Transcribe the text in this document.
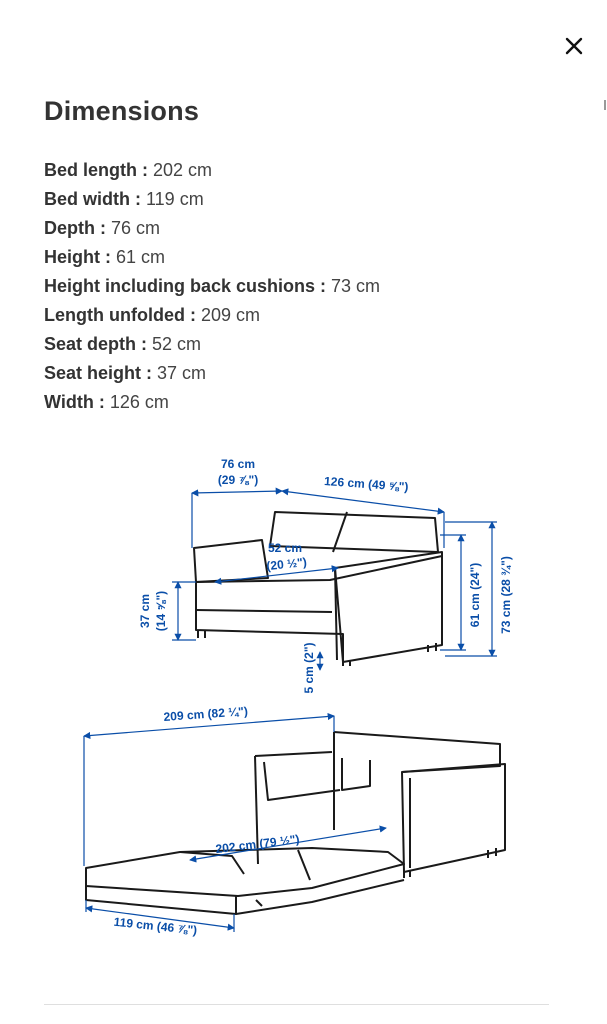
Dimensions
Bed length : 202 cm
Bed width : 119 cm
Depth : 76 cm
Height : 61 cm
Height including back cushions : 73 cm
Length unfolded : 209 cm
Seat depth : 52 cm
Seat height : 37 cm
Width : 126 cm
76 cm
(29 ⅞")	126 cm (49 ⅝")
52 cm
(20 ½")
37 cm (14 ⅝")
5 cm (2")
61 cm (24") 73 cm (28 ¾")
209 cm (82 ¼")
202 cm (79 ½")
119 cm (46 ⅞")
